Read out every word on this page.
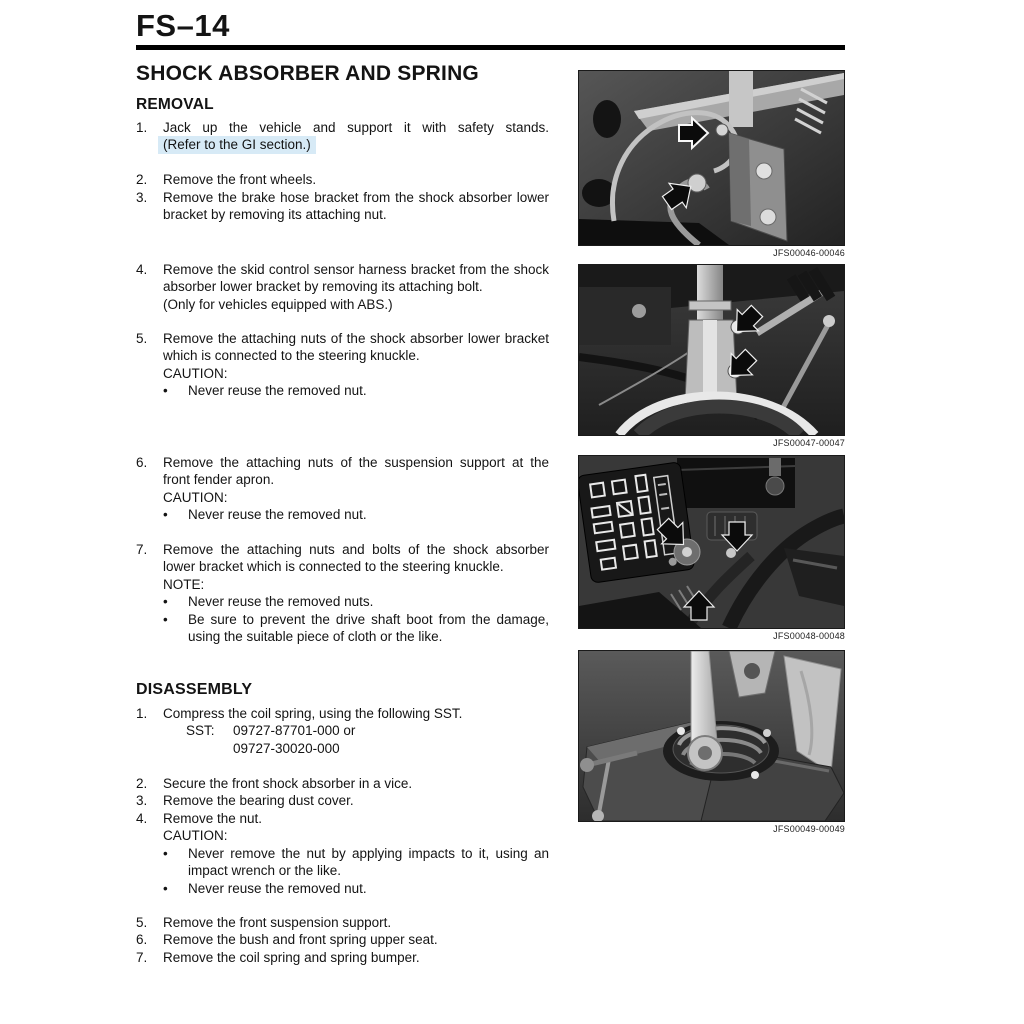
FS–14
SHOCK ABSORBER AND SPRING
REMOVAL
DISASSEMBLY
1.	Jack up the vehicle and support it with safety stands.
(Refer to the GI section.)
2.	Remove the front wheels.
3.	Remove the brake hose bracket from the shock absorber lower bracket by removing its attaching nut.
4.	Remove the skid control sensor harness bracket from the shock absorber lower bracket by removing its attaching bolt.
(Only for vehicles equipped with ABS.)
5.	Remove the attaching nuts of the shock absorber lower bracket which is connected to the steering knuckle.
CAUTION:
•	Never reuse the removed nut.
6.	Remove the attaching nuts of the suspension support at the front fender apron.
CAUTION:
•	Never reuse the removed nut.
7.	Remove the attaching nuts and bolts of the shock absorber lower bracket which is connected to the steering knuckle.
NOTE:
•	Never reuse the removed nuts.
•	Be sure to prevent the drive shaft boot from the damage, using the suitable piece of cloth or the like.
1.	Compress the coil spring, using the following SST.
SST:	09727-87701-000 or
09727-30020-000
2.	Secure the front shock absorber in a vice.
3.	Remove the bearing dust cover.
4.	Remove the nut.
CAUTION:
•	Never remove the nut by applying impacts to it, using an impact wrench or the like.
•	Never reuse the removed nut.
5.	Remove the front suspension support.
6.	Remove the bush and front spring upper seat.
7.	Remove the coil spring and spring bumper.
JFS00046-00046
JFS00047-00047
JFS00048-00048
JFS00049-00049
